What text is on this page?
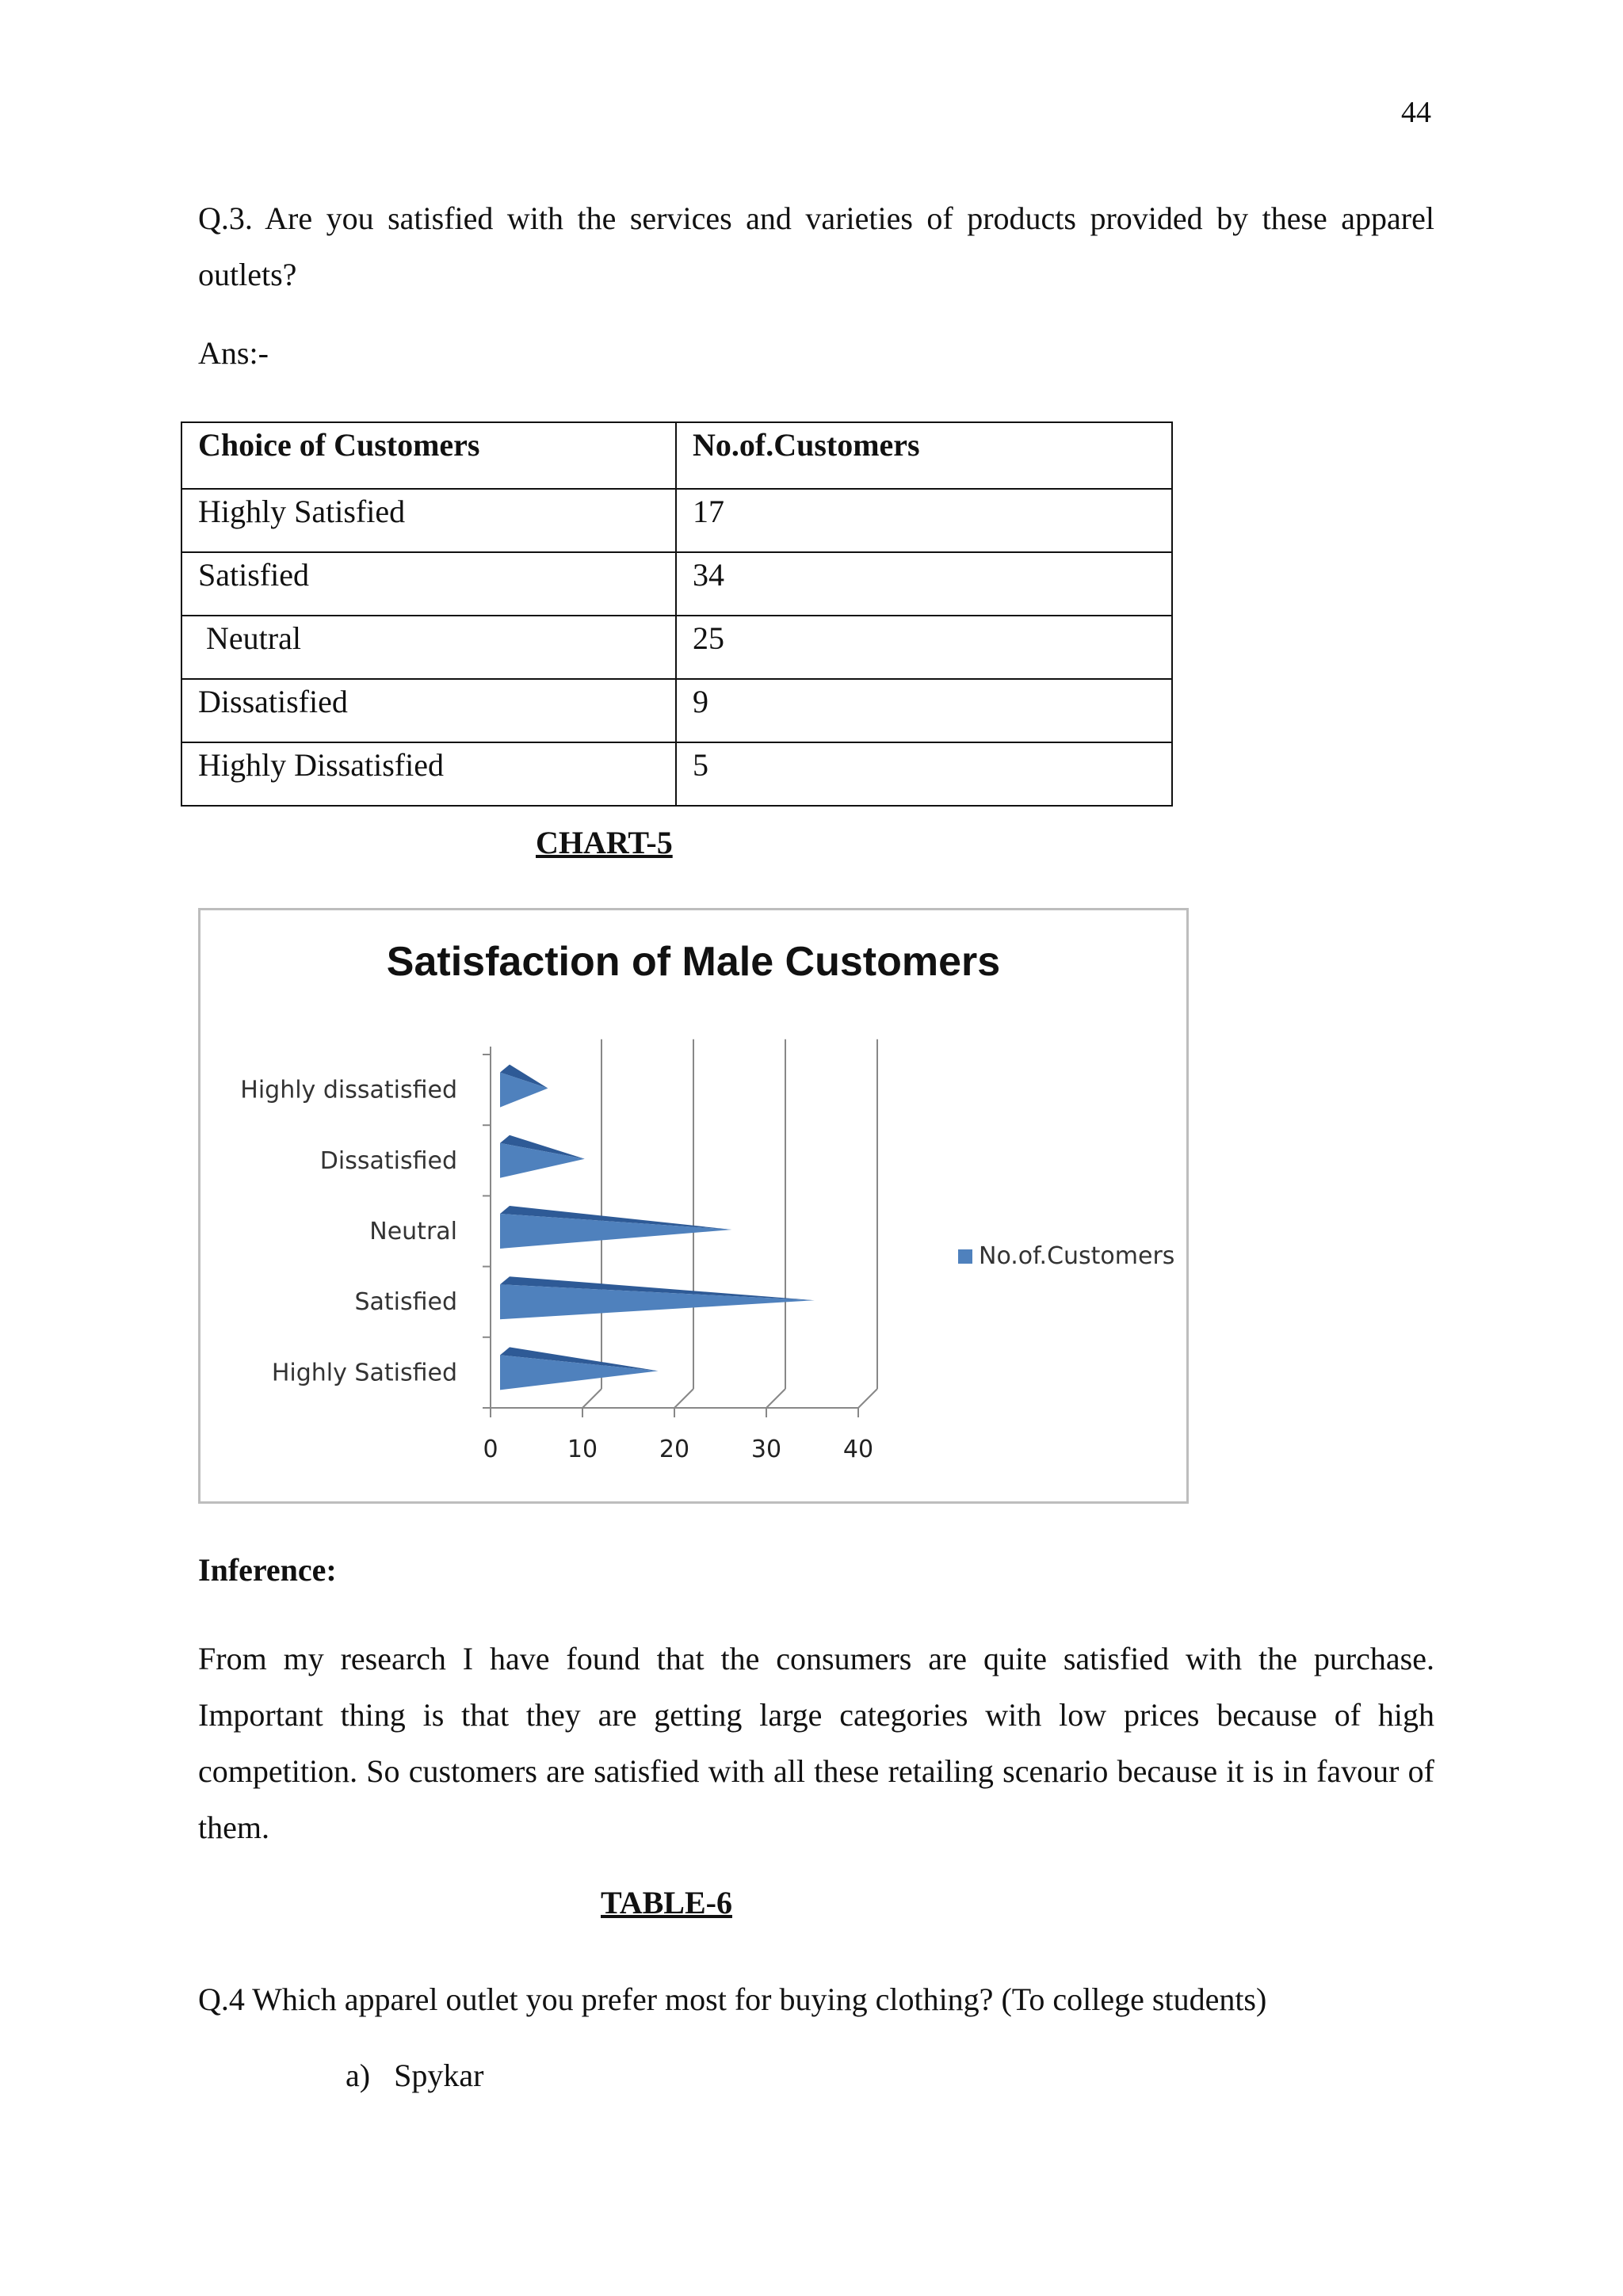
44

Q.3. Are you satisfied with the services and varieties of products provided by these apparel outlets?

Ans:-
Choice of Customers	No.of.Customers
Highly Satisfied	17
Satisfied	34
Neutral	25
Dissatisfied	9
Highly Dissatisfied	5
CHART-5
Satisfaction of Male Customers
0	10	20	30	40
Highly dissatisfied
Dissatisfied
Neutral
Satisfied
Highly Satisfied
No.of.Customers
Inference:

From my research I have found that the consumers are quite satisfied with the purchase. Important thing is that they are getting large categories with low prices because of high competition. So customers are satisfied with all these retailing scenario because it is in favour of them.

TABLE-6

Q.4 Which apparel outlet you prefer most for buying clothing? (To college students)

a)   Spykar
